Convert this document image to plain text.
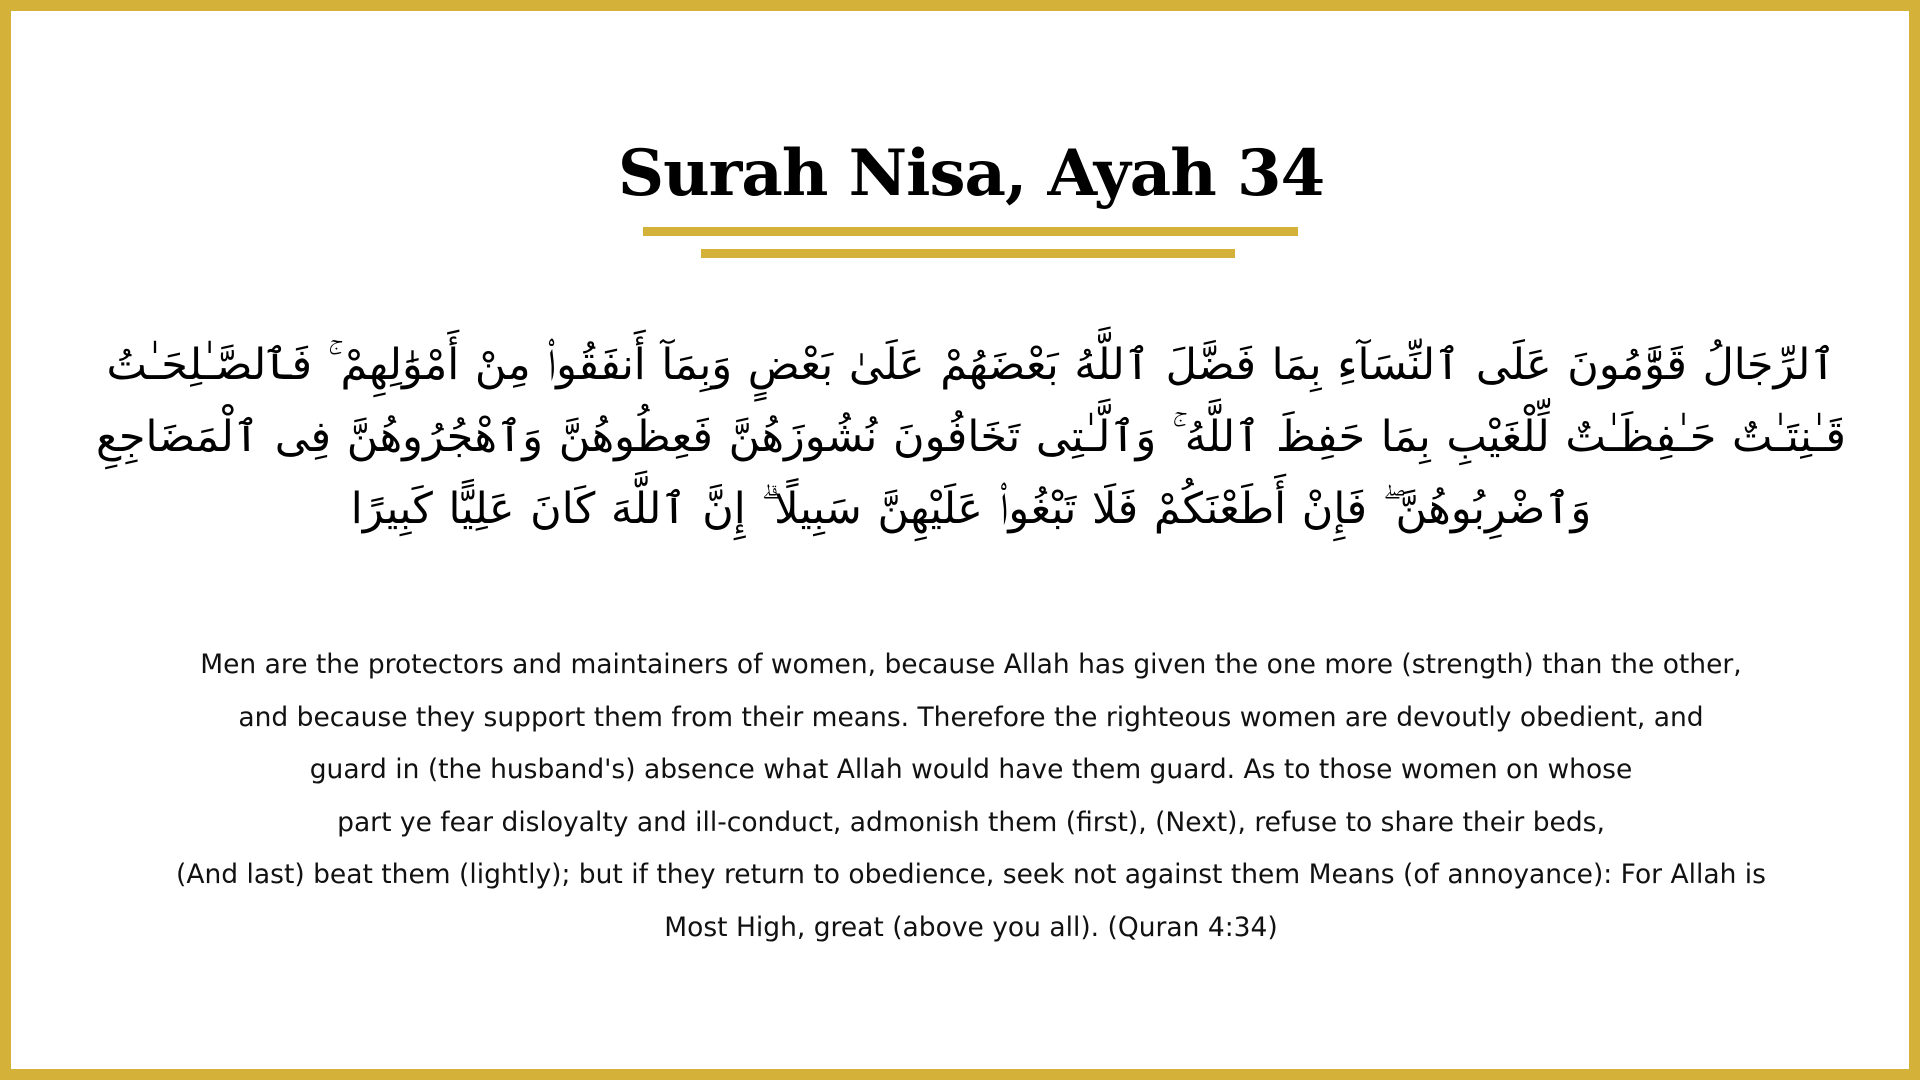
Surah Nisa, Ayah 34
ٱلرِّجَالُ قَوَّٰمُونَ عَلَى ٱلنِّسَآءِ بِمَا فَضَّلَ ٱللَّهُ بَعْضَهُمْ عَلَىٰ بَعْضٍ وَبِمَآ أَنفَقُوا۟ مِنْ أَمْوَٰلِهِمْ ۚ فَٱلصَّـٰلِحَـٰتُ قَـٰنِتَـٰتٌ حَـٰفِظَـٰتٌ لِّلْغَيْبِ بِمَا حَفِظَ ٱللَّهُ ۚ وَٱلَّـٰتِى تَخَافُونَ نُشُوزَهُنَّ فَعِظُوهُنَّ وَٱهْجُرُوهُنَّ فِى ٱلْمَضَاجِعِ وَٱضْرِبُوهُنَّ ۖ فَإِنْ أَطَعْنَكُمْ فَلَا تَبْغُوا۟ عَلَيْهِنَّ سَبِيلًا ۗ إِنَّ ٱللَّهَ كَانَ عَلِيًّا كَبِيرًا
Men are the protectors and maintainers of women, because Allah has given the one more (strength) than the other,
and because they support them from their means. Therefore the righteous women are devoutly obedient, and
guard in (the husband's) absence what Allah would have them guard. As to those women on whose
part ye fear disloyalty and ill-conduct, admonish them (first), (Next), refuse to share their beds,
(And last) beat them (lightly); but if they return to obedience, seek not against them Means (of annoyance): For Allah is
Most High, great (above you all). (Quran 4:34)
